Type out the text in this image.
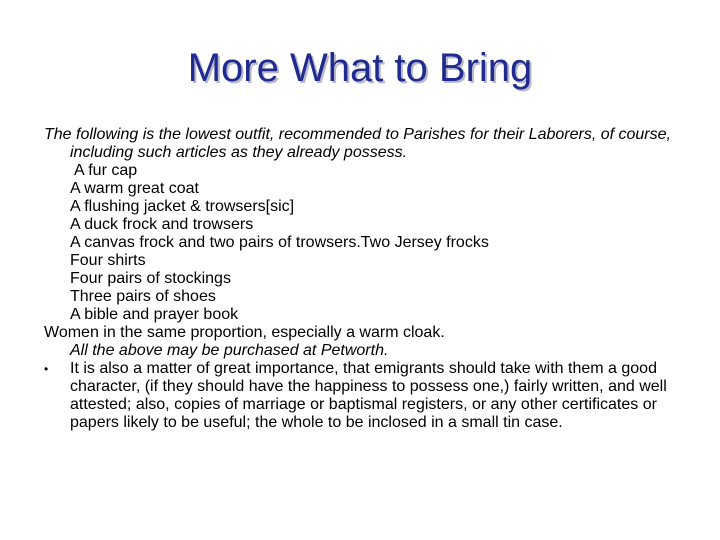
More What to Bring

The following is the lowest outfit, recommended to Parishes for their Laborers, of course, including such articles as they already possess.

A fur cap

A warm great coat

A flushing jacket & trowsers[sic]

A duck frock and trowsers

A canvas frock and two pairs of trowsers.Two Jersey frocks

Four shirts

Four pairs of stockings

Three pairs of shoes

A bible and prayer book

Women in the same proportion, especially a warm cloak.

All the above may be purchased at Petworth.

•	It is also a matter of great importance, that emigrants should take with them a good character, (if they should have the happiness to possess one,) fairly written, and well attested; also, copies of marriage or baptismal registers, or any other certificates or papers likely to be useful; the whole to be inclosed in a small tin case.
